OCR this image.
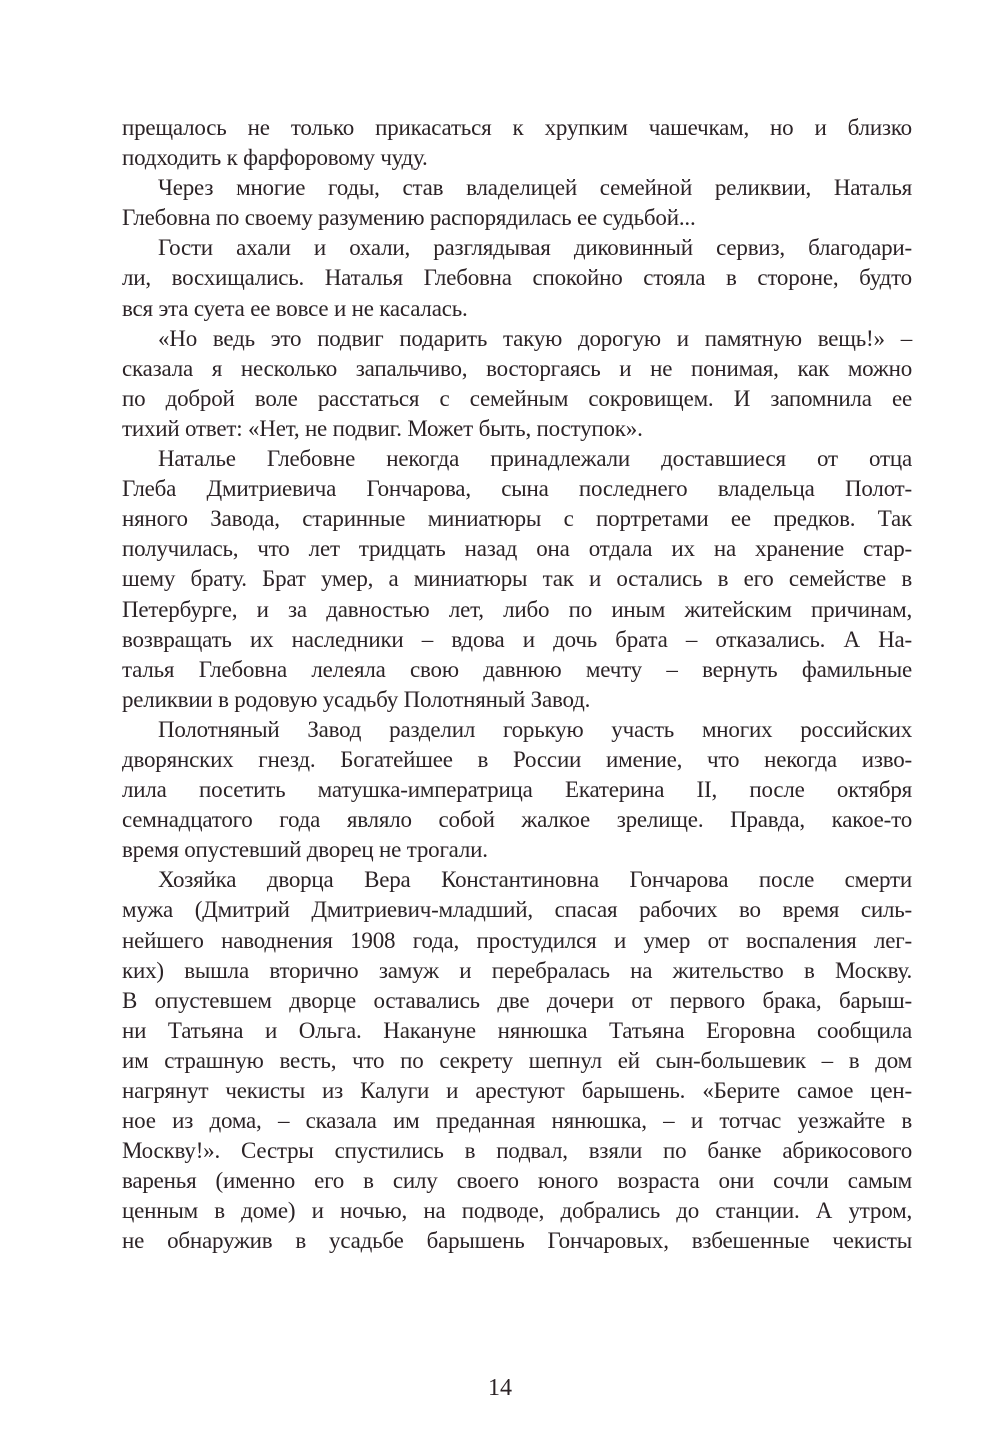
прещалось не только прикасаться к хрупким чашечкам, но и близко
подходить к фарфоровому чуду.
Через многие годы, став владелицей семейной реликвии, Наталья
Глебовна по своему разумению распорядилась ее судьбой...
Гости ахали и охали, разглядывая диковинный сервиз, благодари-
ли, восхищались. Наталья Глебовна спокойно стояла в стороне, будто
вся эта суета ее вовсе и не касалась.
«Но ведь это подвиг подарить такую дорогую и памятную вещь!» –
сказала я несколько запальчиво, восторгаясь и не понимая, как можно
по доброй воле расстаться с семейным сокровищем. И запомнила ее
тихий ответ: «Нет, не подвиг. Может быть, поступок».
Наталье Глебовне некогда принадлежали доставшиеся от отца
Глеба Дмитриевича Гончарова, сына последнего владельца Полот-
няного Завода, старинные миниатюры с портретами ее предков. Так
получилась, что лет тридцать назад она отдала их на хранение стар-
шему брату. Брат умер, а миниатюры так и остались в его семействе в
Петербурге, и за давностью лет, либо по иным житейским причинам,
возвращать их наследники – вдова и дочь брата – отказались. А На-
талья Глебовна лелеяла свою давнюю мечту – вернуть фамильные
реликвии в родовую усадьбу Полотняный Завод.
Полотняный Завод разделил горькую участь многих российских
дворянских гнезд. Богатейшее в России имение, что некогда изво-
лила посетить матушка-императрица Екатерина II, после октября
семнадцатого года являло собой жалкое зрелище. Правда, какое-то
время опустевший дворец не трогали.
Хозяйка дворца Вера Константиновна Гончарова после смерти
мужа (Дмитрий Дмитриевич-младший, спасая рабочих во время силь-
нейшего наводнения 1908 года, простудился и умер от воспаления лег-
ких) вышла вторично замуж и перебралась на жительство в Москву.
В опустевшем дворце оставались две дочери от первого брака, барыш-
ни Татьяна и Ольга. Накануне нянюшка Татьяна Егоровна сообщила
им страшную весть, что по секрету шепнул ей сын-большевик – в дом
нагрянут чекисты из Калуги и арестуют барышень. «Берите самое цен-
ное из дома, – сказала им преданная нянюшка, – и тотчас уезжайте в
Москву!». Сестры спустились в подвал, взяли по банке абрикосового
варенья (именно его в силу своего юного возраста они сочли самым
ценным в доме) и ночью, на подводе, добрались до станции. А утром,
не обнаружив в усадьбе барышень Гончаровых, взбешенные чекисты
14
